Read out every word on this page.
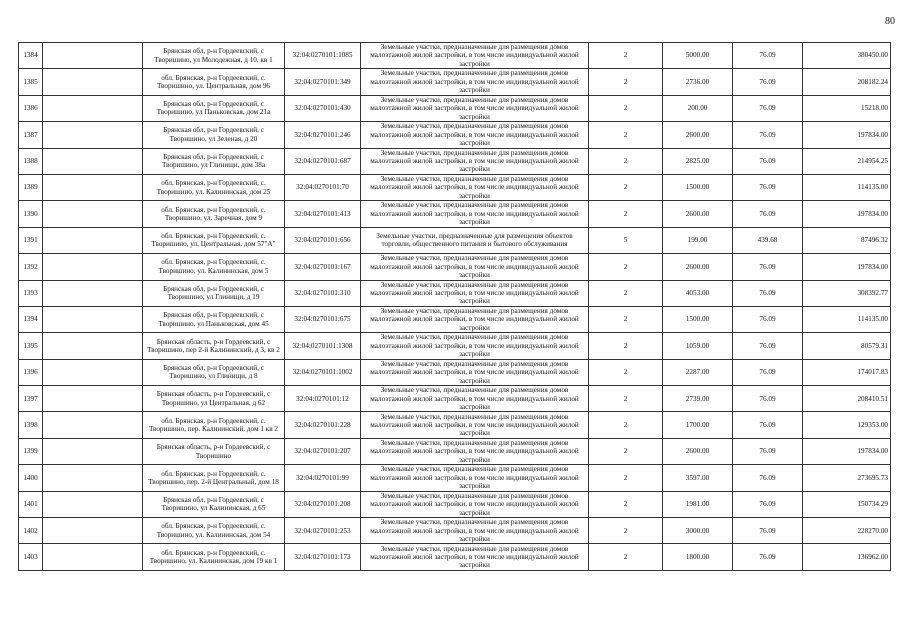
80
1384		Брянская обл, р-н Гордеевский, с Творишино, ул Молодежная, д 10, кв 1	32:04:0270101:1085	Земельные участки, предназначенные для размещения домов малоэтажной жилой застройки, в том числе индивидуальной жилой застройки	2	5000.00	76.09	380450.00
1385		обл. Брянская, р-н Гордеевский, с. Творишино, ул. Центральная, дом 96	32:04:0270101:349	Земельные участки, предназначенные для размещения домов малоэтажной жилой застройки, в том числе индивидуальной жилой застройки	2	2736.00	76.09	208182.24
1386		Брянская обл, р-н Гордеевский, с Творишино, ул Паньковская, дом 21а	32:04:0270101:430	Земельные участки, предназначенные для размещения домов малоэтажной жилой застройки, в том числе индивидуальной жилой застройки	2	200.00	76.09	15218.00
1387		Брянская обл, р-н Гордеевский, с Творишино, ул Зеленая, д 20	32:04:0270101:246	Земельные участки, предназначенные для размещения домов малоэтажной жилой застройки, в том числе индивидуальной жилой застройки	2	2600.00	76.09	197834.00
1388		Брянская обл, р-н Гордеевский, с Творишино, ул Глинищи, дом 38а	32:04:0270101:687	Земельные участки, предназначенные для размещения домов малоэтажной жилой застройки, в том числе индивидуальной жилой застройки	2	2825.00	76.09	214954.25
1389		обл. Брянская, р-н Гордеевский, с. Творишино, ул. Калининская, дом 25	32:04:0270101:70	Земельные участки, предназначенные для размещения домов малоэтажной жилой застройки, в том числе индивидуальной жилой застройки	2	1500.00	76.09	114135.00
1390		обл. Брянская, р-н Гордеевский, с. Творишино, ул. Заречная, дом 9	32:04:0270101:413	Земельные участки, предназначенные для размещения домов малоэтажной жилой застройки, в том числе индивидуальной жилой застройки	2	2600.00	76.09	197834.00
1391		обл. Брянская, р-н Гордеевский, с. Творишино, ул. Центральная, дом 57"А"	32:04:0270101:656	Земельные участки, предназначенные для размещения объектов торговли, общественного питания и бытового обслуживания	5	199.00	439.68	87496.32
1392		обл. Брянская, р-н Гордеевский, с. Творишино, ул. Калининская, дом 5	32:04:0270101:167	Земельные участки, предназначенные для размещения домов малоэтажной жилой застройки, в том числе индивидуальной жилой застройки	2	2600.00	76.09	197834.00
1393		Брянская обл, р-н Гордеевский, с Творишино, ул Глинищи, д 19	32:04:0270101:310	Земельные участки, предназначенные для размещения домов малоэтажной жилой застройки, в том числе индивидуальной жилой застройки	2	4053.00	76.09	308392.77
1394		Брянская обл, р-н Гордеевский, с Творишино, ул Паньковская, дом 45	32:04:0270101:675	Земельные участки, предназначенные для размещения домов малоэтажной жилой застройки, в том числе индивидуальной жилой застройки	2	1500.00	76.09	114135.00
1395		Брянская область, р-н Гордеевский, с Творишино, пер 2-й Калининский, д 3, кв 2	32:04:0270101:1308	Земельные участки, предназначенные для размещения домов малоэтажной жилой застройки, в том числе индивидуальной жилой застройки	2	1059.00	76.09	80579.31
1396		Брянская обл, р-н Гордеевский, с Творишино, ул Глинищи, д 8	32:04:0270101:1002	Земельные участки, предназначенные для размещения домов малоэтажной жилой застройки, в том числе индивидуальной жилой застройки	2	2287.00	76.09	174017.83
1397		Брянская область, р-н Гордеевский, с Творишино, ул Центральная, д 62	32:04:0270101:12	Земельные участки, предназначенные для размещения домов малоэтажной жилой застройки, в том числе индивидуальной жилой застройки	2	2739.00	76.09	208410.51
1398		обл. Брянская, р-н Гордеевский, с. Творишино, пер. Калининский, дом 1 кв 2	32:04:0270101:228	Земельные участки, предназначенные для размещения домов малоэтажной жилой застройки, в том числе индивидуальной жилой застройки	2	1700.00	76.09	129353.00
1399		Брянская область, р-н Гордеевский, с Творишино	32:04:0270101:207	Земельные участки, предназначенные для размещения домов малоэтажной жилой застройки, в том числе индивидуальной жилой застройки	2	2600.00	76.09	197834.00
1400		обл. Брянская, р-н Гордеевский, с. Творишино, пер. 2-й Центральный, дом 18	32:04:0270101:99	Земельные участки, предназначенные для размещения домов малоэтажной жилой застройки, в том числе индивидуальной жилой застройки	2	3597.00	76.09	273695.73
1401		Брянская обл, р-н Гордеевский, с Творишино, ул Калининская, д 65	32:04:0270101:208	Земельные участки, предназначенные для размещения домов малоэтажной жилой застройки, в том числе индивидуальной жилой застройки	2	1981.00	76.09	150734.29
1402		обл. Брянская, р-н Гордеевский, с. Творишино, ул. Калининская, дом 54	32:04:0270101:253	Земельные участки, предназначенные для размещения домов малоэтажной жилой застройки, в том числе индивидуальной жилой застройки	2	3000.00	76.09	228270.00
1403		обл. Брянская, р-н Гордеевский, с. Творишино, ул. Калининская, дом 19 кв 1	32:04:0270101:173	Земельные участки, предназначенные для размещения домов малоэтажной жилой застройки, в том числе индивидуальной жилой застройки	2	1800.00	76.09	136962.00
